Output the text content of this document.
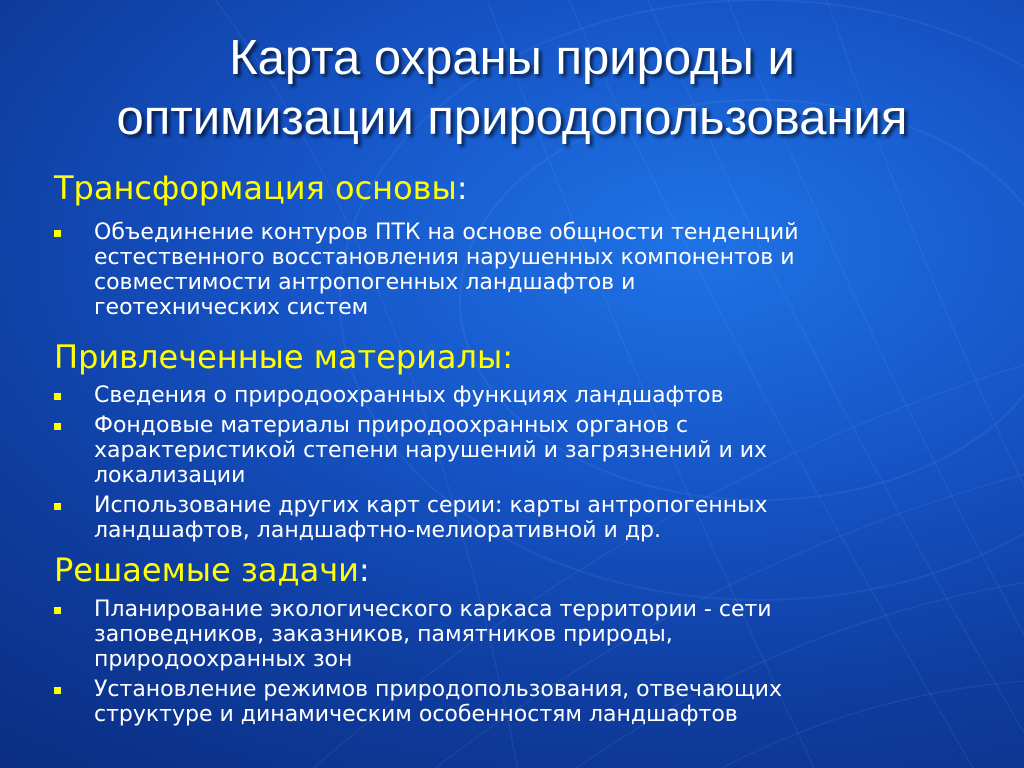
Карта охраны природы и
оптимизации природопользования
Трансформация основы:
Объединение контуров ПТК на основе общности тенденций
естественного восстановления нарушенных компонентов и
совместимости антропогенных ландшафтов и
геотехнических систем
Привлеченные материалы:
Сведения о природоохранных функциях ландшафтов
Фондовые материалы природоохранных органов с
характеристикой степени нарушений и загрязнений и их
локализации
Использование других карт серии: карты антропогенных
ландшафтов, ландшафтно-мелиоративной и др.
Решаемые задачи:
Планирование экологического каркаса территории - сети
заповедников, заказников, памятников природы,
природоохранных зон
Установление режимов природопользования, отвечающих
структуре и динамическим особенностям ландшафтов
